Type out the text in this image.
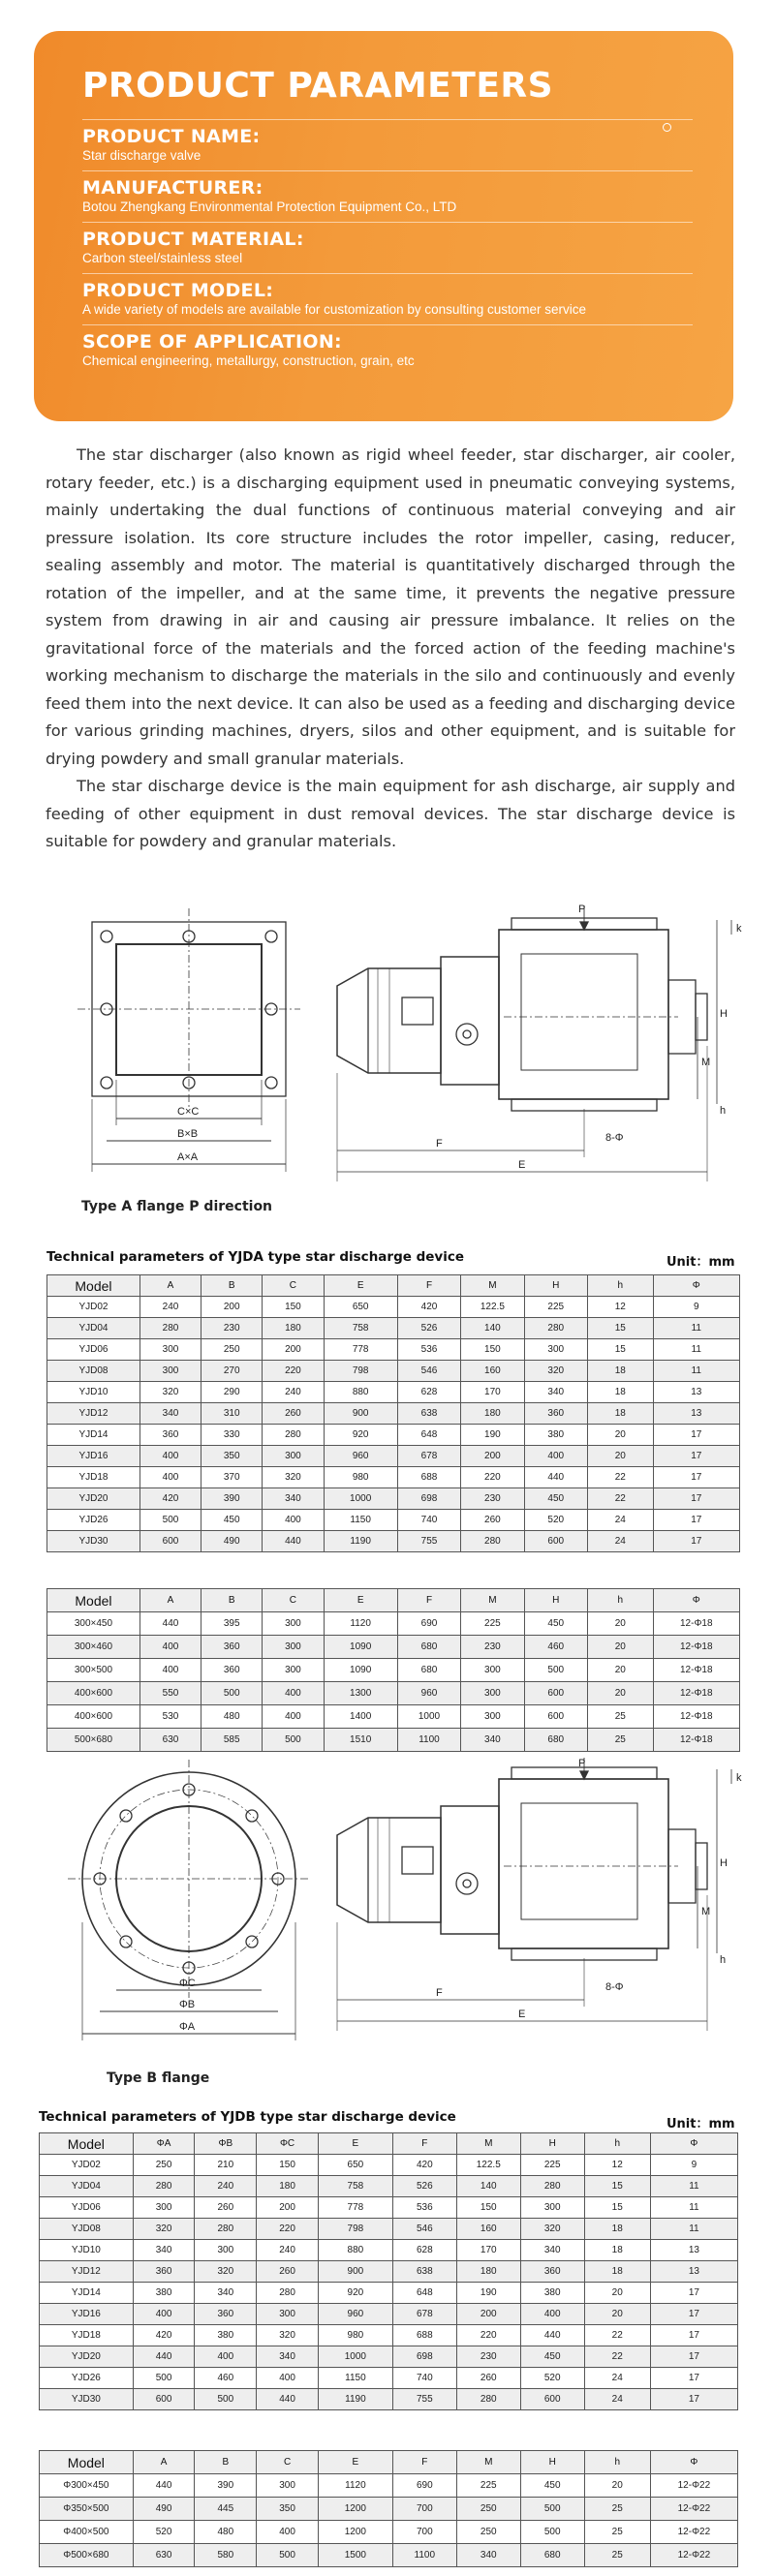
PRODUCT PARAMETERS
PRODUCT NAME:
Star discharge valve
MANUFACTURER:
Botou Zhengkang Environmental Protection Equipment Co., LTD
PRODUCT MATERIAL:
Carbon steel/stainless steel
PRODUCT MODEL:
A wide variety of models are available for customization by consulting customer service
SCOPE OF APPLICATION:
Chemical engineering, metallurgy, construction, grain, etc

The star discharger (also known as rigid wheel feeder, star discharger, air cooler, rotary feeder, etc.) is a discharging equipment used in pneumatic conveying systems, mainly undertaking the dual functions of continuous material conveying and air pressure isolation. Its core structure includes the rotor impeller, casing, reducer, sealing assembly and motor. The material is quantitatively discharged through the rotation of the impeller, and at the same time, it prevents the negative pressure system from drawing in air and causing air pressure imbalance. It relies on the gravitational force of the materials and the forced action of the feeding machine's working mechanism to discharge the materials in the silo and continuously and evenly feed them into the next device. It can also be used as a feeding and discharging device for various grinding machines, dryers, silos and other equipment, and is suitable for drying powdery and small granular materials.

The star discharge device is the main equipment for ash discharge, air supply and feeding of other equipment in dust removal devices. The star discharge device is suitable for powdery and granular materials.

C×C
B×B
A×A
P
k
H
M
h
F
E
8-Φ
Type A flange P direction
Technical parameters of YJDA type star discharge device	Unit：mm
Model	A	B	C	E	F	M	H	h	Φ
YJD02	240	200	150	650	420	122.5	225	12	9
YJD04	280	230	180	758	526	140	280	15	11
YJD06	300	250	200	778	536	150	300	15	11
YJD08	300	270	220	798	546	160	320	18	11
YJD10	320	290	240	880	628	170	340	18	13
YJD12	340	310	260	900	638	180	360	18	13
YJD14	360	330	280	920	648	190	380	20	17
YJD16	400	350	300	960	678	200	400	20	17
YJD18	400	370	320	980	688	220	440	22	17
YJD20	420	390	340	1000	698	230	450	22	17
YJD26	500	450	400	1150	740	260	520	24	17
YJD30	600	490	440	1190	755	280	600	24	17
Model	A	B	C	E	F	M	H	h	Φ
300×450	440	395	300	1120	690	225	450	20	12-Φ18
300×460	400	360	300	1090	680	230	460	20	12-Φ18
300×500	400	360	300	1090	680	300	500	20	12-Φ18
400×600	550	500	400	1300	960	300	600	20	12-Φ18
400×600	530	480	400	1400	1000	300	600	25	12-Φ18
500×680	630	585	500	1510	1100	340	680	25	12-Φ18
ΦC
ΦB
ΦA
P
k
H
M
h
F
E
8-Φ
Type B flange
Technical parameters of YJDB type star discharge device	Unit：mm
Model	ΦA	ΦB	ΦC	E	F	M	H	h	Φ
YJD02	250	210	150	650	420	122.5	225	12	9
YJD04	280	240	180	758	526	140	280	15	11
YJD06	300	260	200	778	536	150	300	15	11
YJD08	320	280	220	798	546	160	320	18	11
YJD10	340	300	240	880	628	170	340	18	13
YJD12	360	320	260	900	638	180	360	18	13
YJD14	380	340	280	920	648	190	380	20	17
YJD16	400	360	300	960	678	200	400	20	17
YJD18	420	380	320	980	688	220	440	22	17
YJD20	440	400	340	1000	698	230	450	22	17
YJD26	500	460	400	1150	740	260	520	24	17
YJD30	600	500	440	1190	755	280	600	24	17
Model	A	B	C	E	F	M	H	h	Φ
Φ300×450	440	390	300	1120	690	225	450	20	12-Φ22
Φ350×500	490	445	350	1200	700	250	500	25	12-Φ22
Φ400×500	520	480	400	1200	700	250	500	25	12-Φ22
Φ500×680	630	580	500	1500	1100	340	680	25	12-Φ22
